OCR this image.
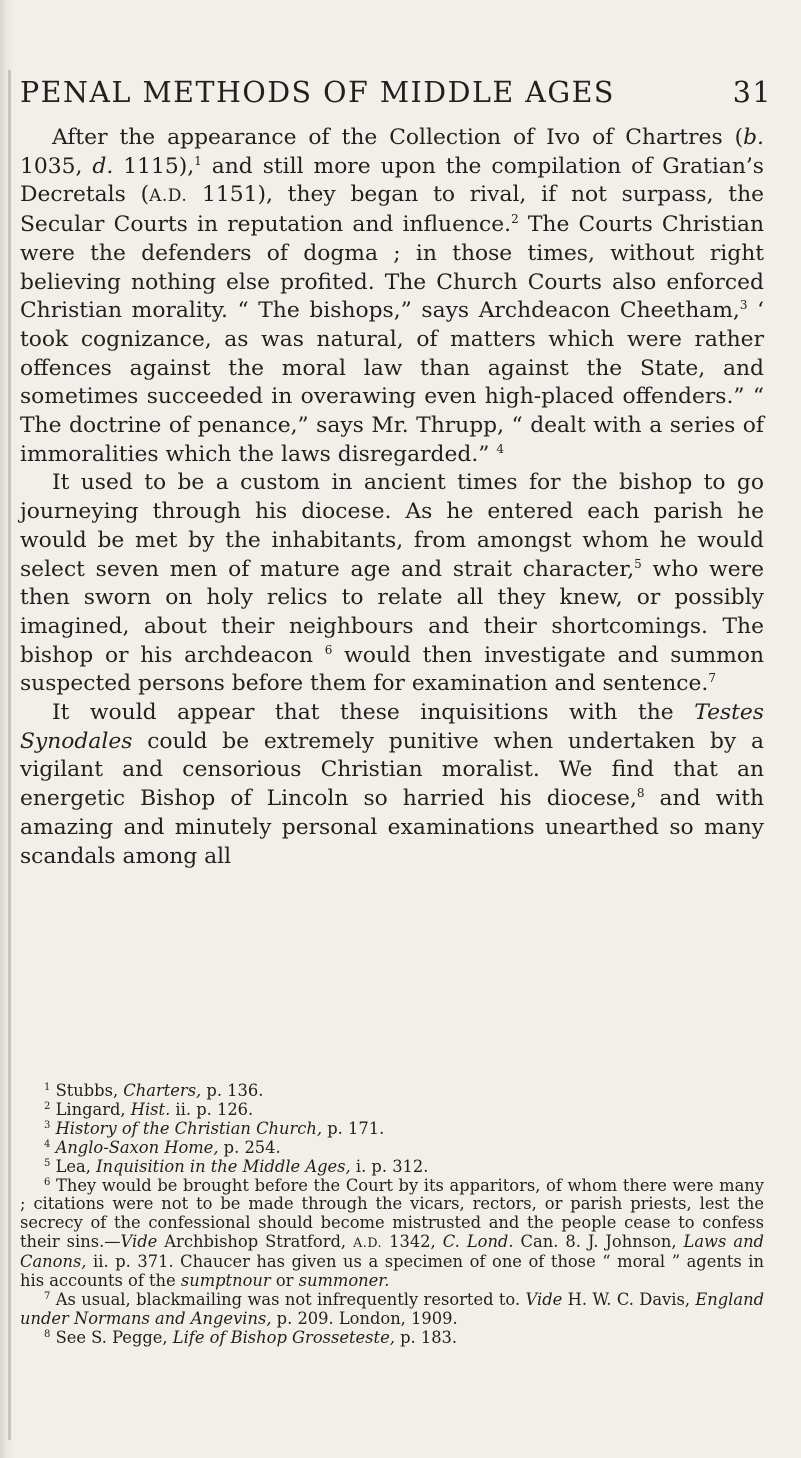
PENAL METHODS OF MIDDLE AGES	31

After the appearance of the Collection of Ivo of Chartres (b. 1035, d. 1115),$^1$ and still more upon the compilation of Gratian’s Decretals (A.D. 1151), they began to rival, if not surpass, the Secular Courts in reputation and influence.$^2$ The Courts Christian were the defenders of dogma ; in those times, without right believing nothing else profited. The Church Courts also enforced Christian morality. “ The bishops,” says Archdeacon Cheetham,$^3$ ‘ took cognizance, as was natural, of matters which were rather offences against the moral law than against the State, and sometimes succeeded in overawing even high-placed offenders.” “ The doctrine of penance,” says Mr. Thrupp, “ dealt with a series of immoralities which the laws disregarded.” $^4$

It used to be a custom in ancient times for the bishop to go journeying through his diocese. As he entered each parish he would be met by the inhabitants, from amongst whom he would select seven men of mature age and strait character,$^5$ who were then sworn on holy relics to relate all they knew, or possibly imagined, about their neighbours and their shortcomings. The bishop or his archdeacon $^6$ would then investigate and summon suspected persons before them for examination and sentence.$^7$

It would appear that these inquisitions with the Testes Synodales could be extremely punitive when undertaken by a vigilant and censorious Christian moralist. We find that an energetic Bishop of Lincoln so harried his diocese,$^8$ and with amazing and minutely personal examinations unearthed so many scandals among all

$^1$ Stubbs, Charters, p. 136.

$^2$ Lingard, Hist. ii. p. 126.

$^3$ History of the Christian Church, p. 171.

$^4$ Anglo-Saxon Home, p. 254.

$^5$ Lea, Inquisition in the Middle Ages, i. p. 312.

$^6$ They would be brought before the Court by its apparitors, of whom there were many ; citations were not to be made through the vicars, rectors, or parish priests, lest the secrecy of the confessional should become mistrusted and the people cease to confess their sins.—Vide Archbishop Stratford, A.D. 1342, C. Lond. Can. 8. J. Johnson, Laws and Canons, ii. p. 371. Chaucer has given us a specimen of one of those “ moral ” agents in his accounts of the sumptnour or summoner.

$^7$ As usual, blackmailing was not infrequently resorted to. Vide H. W. C. Davis, England under Normans and Angevins, p. 209. London, 1909.

$^8$ See S. Pegge, Life of Bishop Grosseteste, p. 183.
